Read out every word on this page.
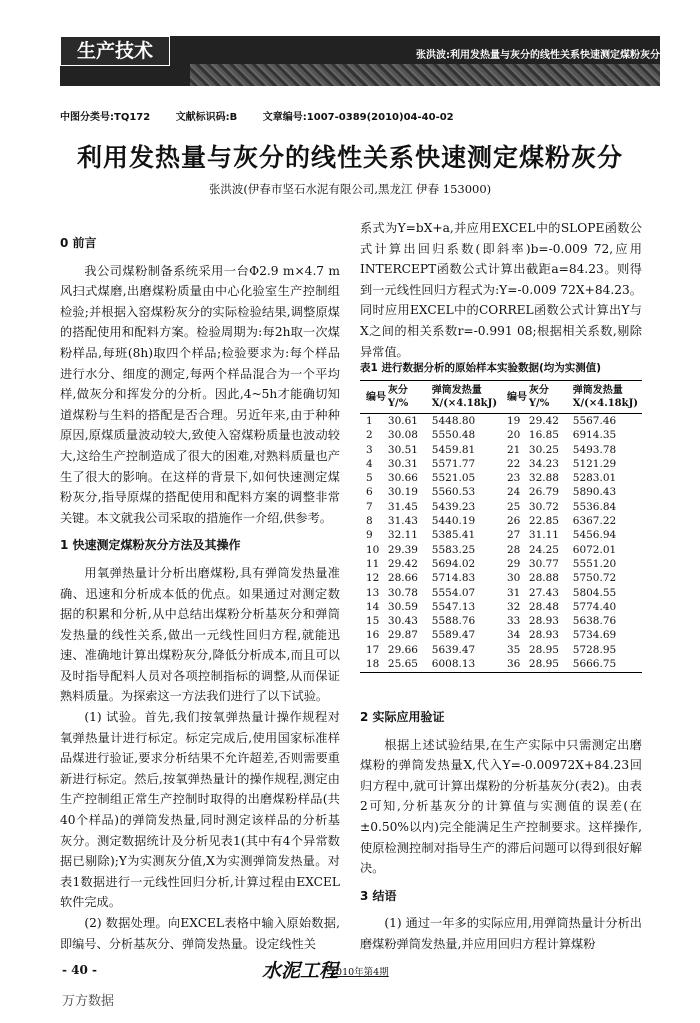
生产技术	张洪波:利用发热量与灰分的线性关系快速测定煤粉灰分
中图分类号:TQ172	文献标识码:B	文章编号:1007-0389(2010)04-40-02
利用发热量与灰分的线性关系快速测定煤粉灰分
张洪波(伊春市坚石水泥有限公司,黑龙江 伊春 153000)

0 前言

我公司煤粉制备系统采用一台Φ2.9 m×4.7 m风扫式煤磨,出磨煤粉质量由中心化验室生产控制组检验;并根据入窑煤粉灰分的实际检验结果,调整原煤的搭配使用和配料方案。检验周期为:每2h取一次煤粉样品,每班(8h)取四个样品;检验要求为:每个样品进行水分、细度的测定,每两个样品混合为一个平均样,做灰分和挥发分的分析。因此,4~5h才能确切知道煤粉与生料的搭配是否合理。另近年来,由于种种原因,原煤质量波动较大,致使入窑煤粉质量也波动较大,这给生产控制造成了很大的困难,对熟料质量也产生了很大的影响。在这样的背景下,如何快速测定煤粉灰分,指导原煤的搭配使用和配料方案的调整非常关键。本文就我公司采取的措施作一介绍,供参考。

1 快速测定煤粉灰分方法及其操作

用氧弹热量计分析出磨煤粉,具有弹筒发热量准确、迅速和分析成本低的优点。如果通过对测定数据的积累和分析,从中总结出煤粉分析基灰分和弹筒发热量的线性关系,做出一元线性回归方程,就能迅速、准确地计算出煤粉灰分,降低分析成本,而且可以及时指导配料人员对各项控制指标的调整,从而保证熟料质量。为探索这一方法我们进行了以下试验。

(1) 试验。首先,我们按氧弹热量计操作规程对氧弹热量计进行标定。标定完成后,使用国家标准样品煤进行验证,要求分析结果不允许超差,否则需要重新进行标定。然后,按氧弹热量计的操作规程,测定由生产控制组正常生产控制时取得的出磨煤粉样品(共40个样品)的弹筒发热量,同时测定该样品的分析基灰分。测定数据统计及分析见表1(其中有4个异常数据已剔除);Y为实测灰分值,X为实测弹筒发热量。对表1数据进行一元线性回归分析,计算过程由EXCEL软件完成。

(2) 数据处理。向EXCEL表格中输入原始数据,即编号、分析基灰分、弹筒发热量。设定线性关

系式为Y=bX+a,并应用EXCEL中的SLOPE函数公式计算出回归系数(即斜率)b=-0.009 72,应用INTERCEPT函数公式计算出截距a=84.23。则得到一元线性回归方程式为:Y=-0.009 72X+84.23。同时应用EXCEL中的CORREL函数公式计算出Y与X之间的相关系数r=-0.991 08;根据相关系数,剔除异常值。

表1 进行数据分析的原始样本实验数据(均为实测值)
编号	灰分Y/%	弹筒发热量X/(×4.18kJ)	编号	灰分Y/%	弹筒发热量X/(×4.18kJ)
1	30.61	5448.80	19	29.42	5567.46
2	30.08	5550.48	20	16.85	6914.35
3	30.51	5459.81	21	30.25	5493.78
4	30.31	5571.77	22	34.23	5121.29
5	30.66	5521.05	23	32.88	5283.01
6	30.19	5560.53	24	26.79	5890.43
7	31.45	5439.23	25	30.72	5536.84
8	31.43	5440.19	26	22.85	6367.22
9	32.11	5385.41	27	31.11	5456.94
10	29.39	5583.25	28	24.25	6072.01
11	29.42	5694.02	29	30.77	5551.20
12	28.66	5714.83	30	28.88	5750.72
13	30.78	5554.07	31	27.43	5804.55
14	30.59	5547.13	32	28.48	5774.40
15	30.43	5588.76	33	28.93	5638.76
16	29.87	5589.47	34	28.93	5734.69
17	29.66	5639.47	35	28.95	5728.95
18	25.65	6008.13	36	28.95	5666.75

2 实际应用验证

根据上述试验结果,在生产实际中只需测定出磨煤粉的弹筒发热量X,代入Y=-0.00972X+84.23回归方程中,就可计算出煤粉的分析基灰分(表2)。由表2可知,分析基灰分的计算值与实测值的误差(在±0.50%以内)完全能满足生产控制要求。这样操作,使原检测控制对指导生产的滞后问题可以得到很好解决。

3 结语

(1) 通过一年多的实际应用,用弹筒热量计分析出磨煤粉弹筒发热量,并应用回归方程计算煤粉

- 40 -	水泥工程
2010年第4期
万方数据
